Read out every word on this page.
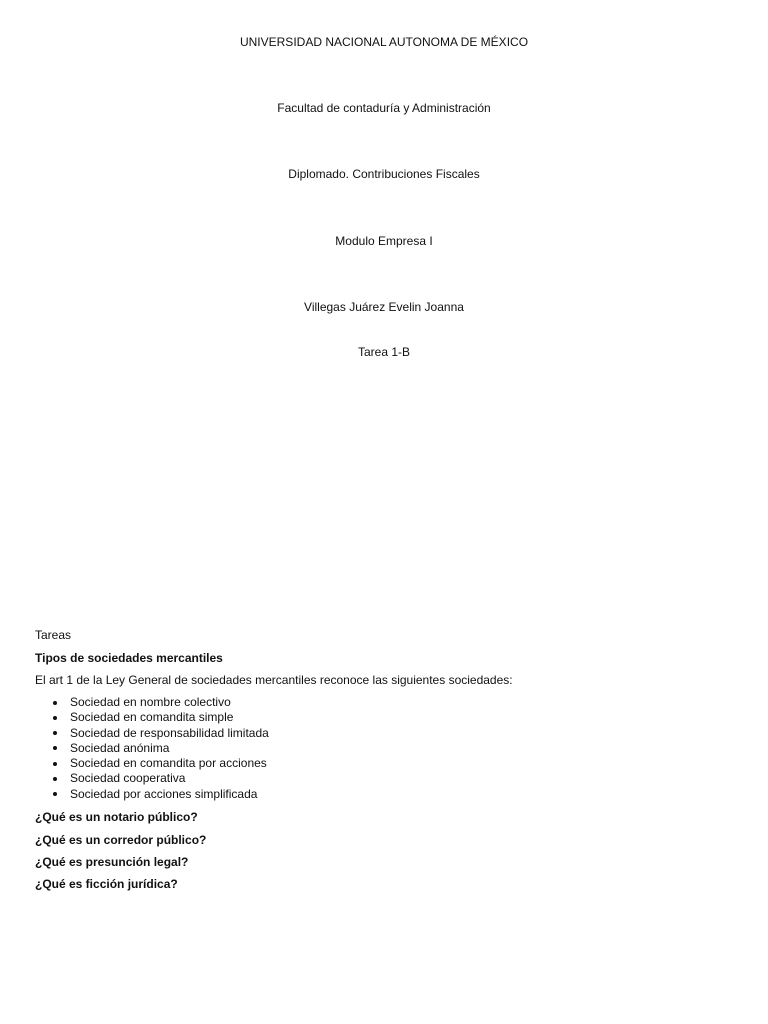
UNIVERSIDAD NACIONAL AUTONOMA DE MÉXICO
Facultad de contaduría y Administración
Diplomado. Contribuciones Fiscales
Modulo Empresa I
Villegas Juárez Evelin Joanna
Tarea 1-B
Tareas
Tipos de sociedades mercantiles
El art 1 de la Ley General de sociedades mercantiles reconoce las siguientes sociedades:
Sociedad en nombre colectivo
Sociedad en comandita simple
Sociedad de responsabilidad limitada
Sociedad anónima
Sociedad en comandita por acciones
Sociedad cooperativa
Sociedad por acciones simplificada
¿Qué es un notario público?
¿Qué es un corredor público?
¿Qué es presunción legal?
¿Qué es ficción jurídica?
